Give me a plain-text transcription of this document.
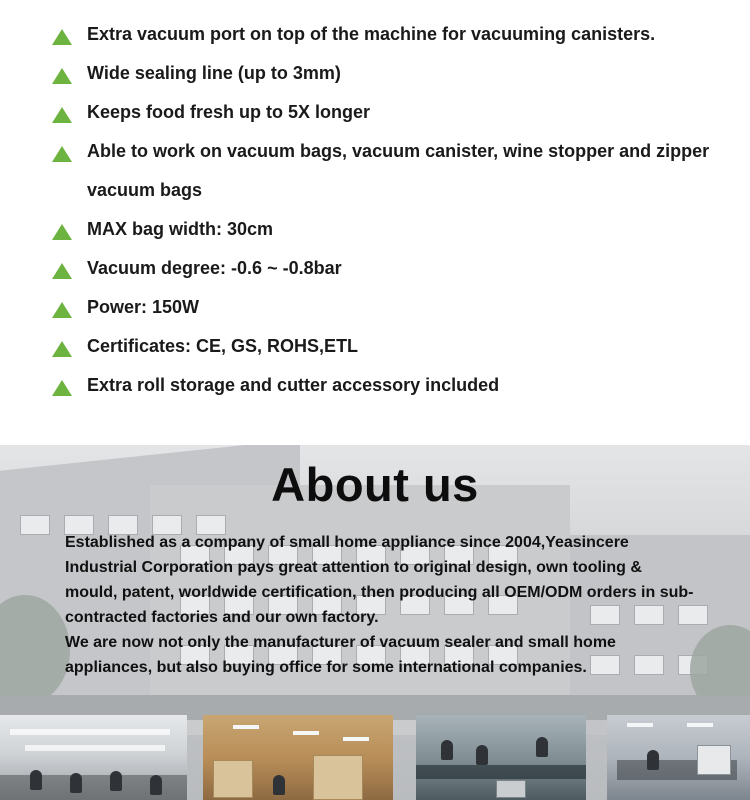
Extra vacuum port on top of the machine for vacuuming canisters.
Wide sealing line (up to 3mm)
Keeps food fresh up to 5X longer
Able to work on vacuum bags, vacuum canister, wine stopper and zipper vacuum bags
MAX bag width: 30cm
Vacuum degree: -0.6 ~ -0.8bar
Power: 150W
Certificates: CE, GS, ROHS,ETL
Extra roll storage and cutter accessory included
About us

Established as a company of small home appliance since 2004,Yeasincere Industrial Corporation pays great attention to original design, own tooling & mould, patent, worldwide certification, then producing all OEM/ODM orders in sub-contracted factories and our own factory.

We are now not only the manufacturer of vacuum sealer and small home appliances, but also buying office for some international companies.
